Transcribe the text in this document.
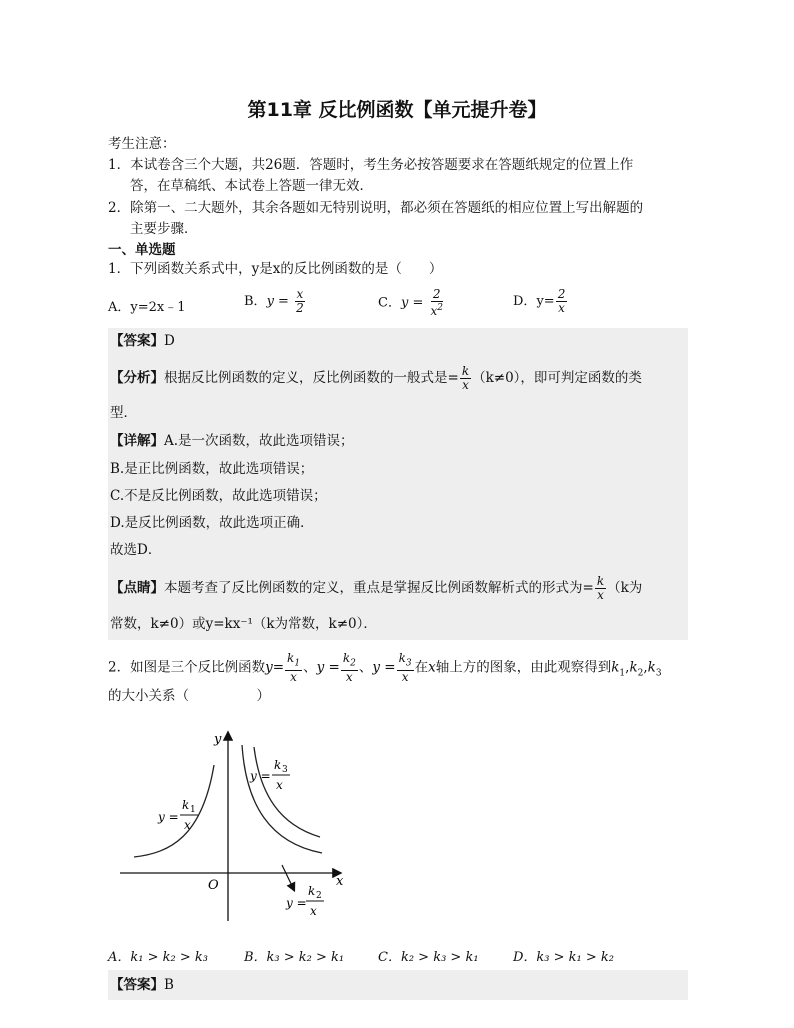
第11章 反比例函数【单元提升卷】
考生注意：
1．本试卷含三个大题，共26题．答题时，考生务必按答题要求在答题纸规定的位置上作
答，在草稿纸、本试卷上答题一律无效．
2．除第一、二大题外，其余各题如无特别说明，都必须在答题纸的相应位置上写出解题的
主要步骤．
一、单选题
1．下列函数关系式中，y是x的反比例函数的是（　　）
A．y=2x﹣1	B．$y = \frac{x}{2}$	C．$y = \frac{2}{x^2}$	D．$y= \frac{2}{x}$
【答案】D
【分析】根据反比例函数的定义，反比例函数的一般式是= $\frac{k}{x} (k\ne 0)$，即可判定函数的类
型．
【详解】A.是一次函数，故此选项错误；
B.是正比例函数，故此选项错误；
C.不是反比例函数，故此选项错误；
D.是反比例函数，故此选项正确．
故选D．
【点睛】本题考查了反比例函数的定义，重点是掌握反比例函数解析式的形式为= $\frac{k}{x} (k$为
常数，k≠0）或y=kx⁻¹（k为常数，k≠0）．
2．如图是三个反比例函数$y= \frac{k_1}{x}$ 、$y = \frac{k_2}{x}$ 、$y = \frac{k_3}{x}$ 在x轴上方的图象，由此观察得到$k_1,k_2,k_3$
的大小关系（　　　　　）
y
x
O
y =
k 3
x
y =
k 1
x
y =
k 2
x
A．k₁ > k₂ > k₃	B．k₃ > k₂ > k₁	C．k₂ > k₃ > k₁	D．k₃ > k₁ > k₂
【答案】B
